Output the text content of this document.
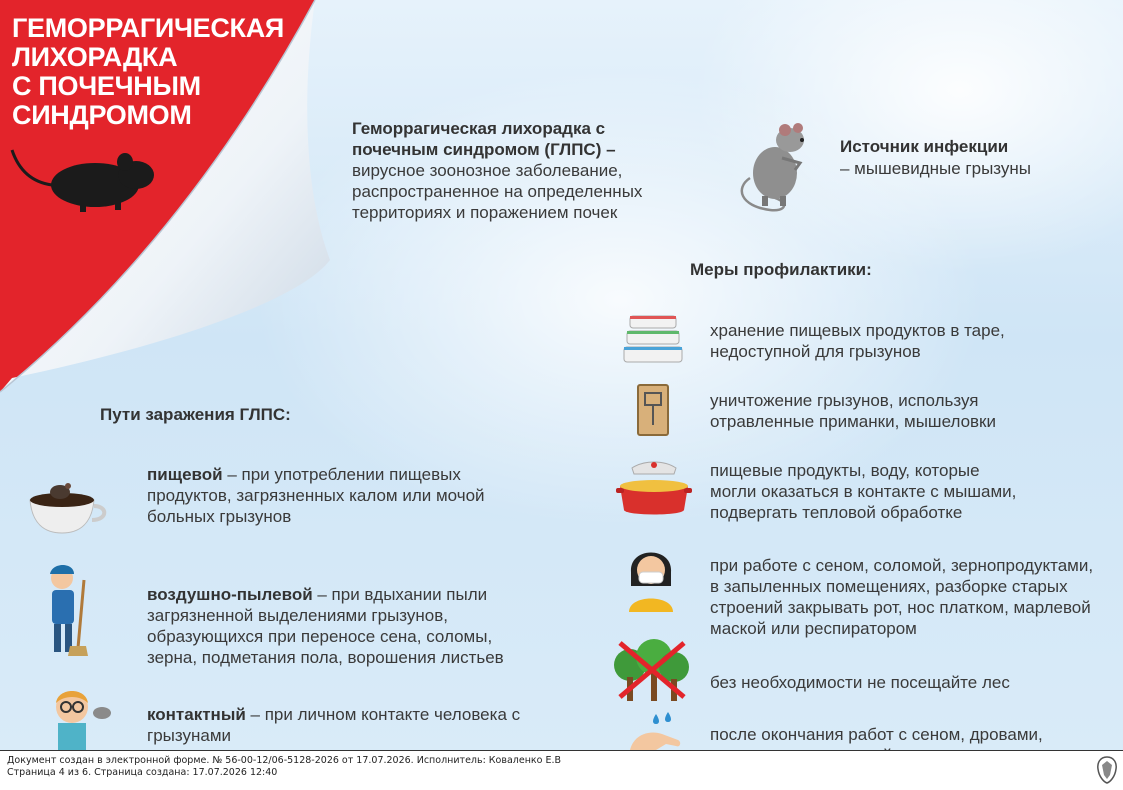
ГЕМОРРАГИЧЕСКАЯ
ЛИХОРАДКА
С ПОЧЕЧНЫМ
СИНДРОМОМ	Геморрагическая лихорадка с почечным синдромом (ГЛПС) –
вирусное зоонозное заболевание, распространенное на определенных территориях и поражением почек
Источник инфекции
– мышевидные грызуны
Пути заражения ГЛПС:
пищевой – при употреблении пищевых продуктов, загрязненных калом или мочой больных грызунов
воздушно-пылевой – при вдыхании пыли загрязненной выделениями грызунов, образующихся при переносе сена, соломы, зерна, подметания пола, ворошения листьев
контактный – при личном контакте человека с грызунами
Меры профилактики:
хранение пищевых продуктов в таре,
недоступной для грызунов
уничтожение грызунов, используя
отравленные приманки, мышеловки
пищевые продукты, воду, которые
могли оказаться в контакте с мышами,
подвергать тепловой обработке
при работе с сеном, соломой, зернопродуктами,
в запыленных помещениях, разборке старых
строений закрывать рот, нос платком, марлевой
маской или респиратором
без необходимости не посещайте лес
после окончания работ с сеном, дровами,

Документ создан в электронной форме. № 56-00-12/06-5128-2026 от 17.07.2026. Исполнитель: Коваленко Е.В
Страница 4 из 6. Страница создана: 17.07.2026 12:40
